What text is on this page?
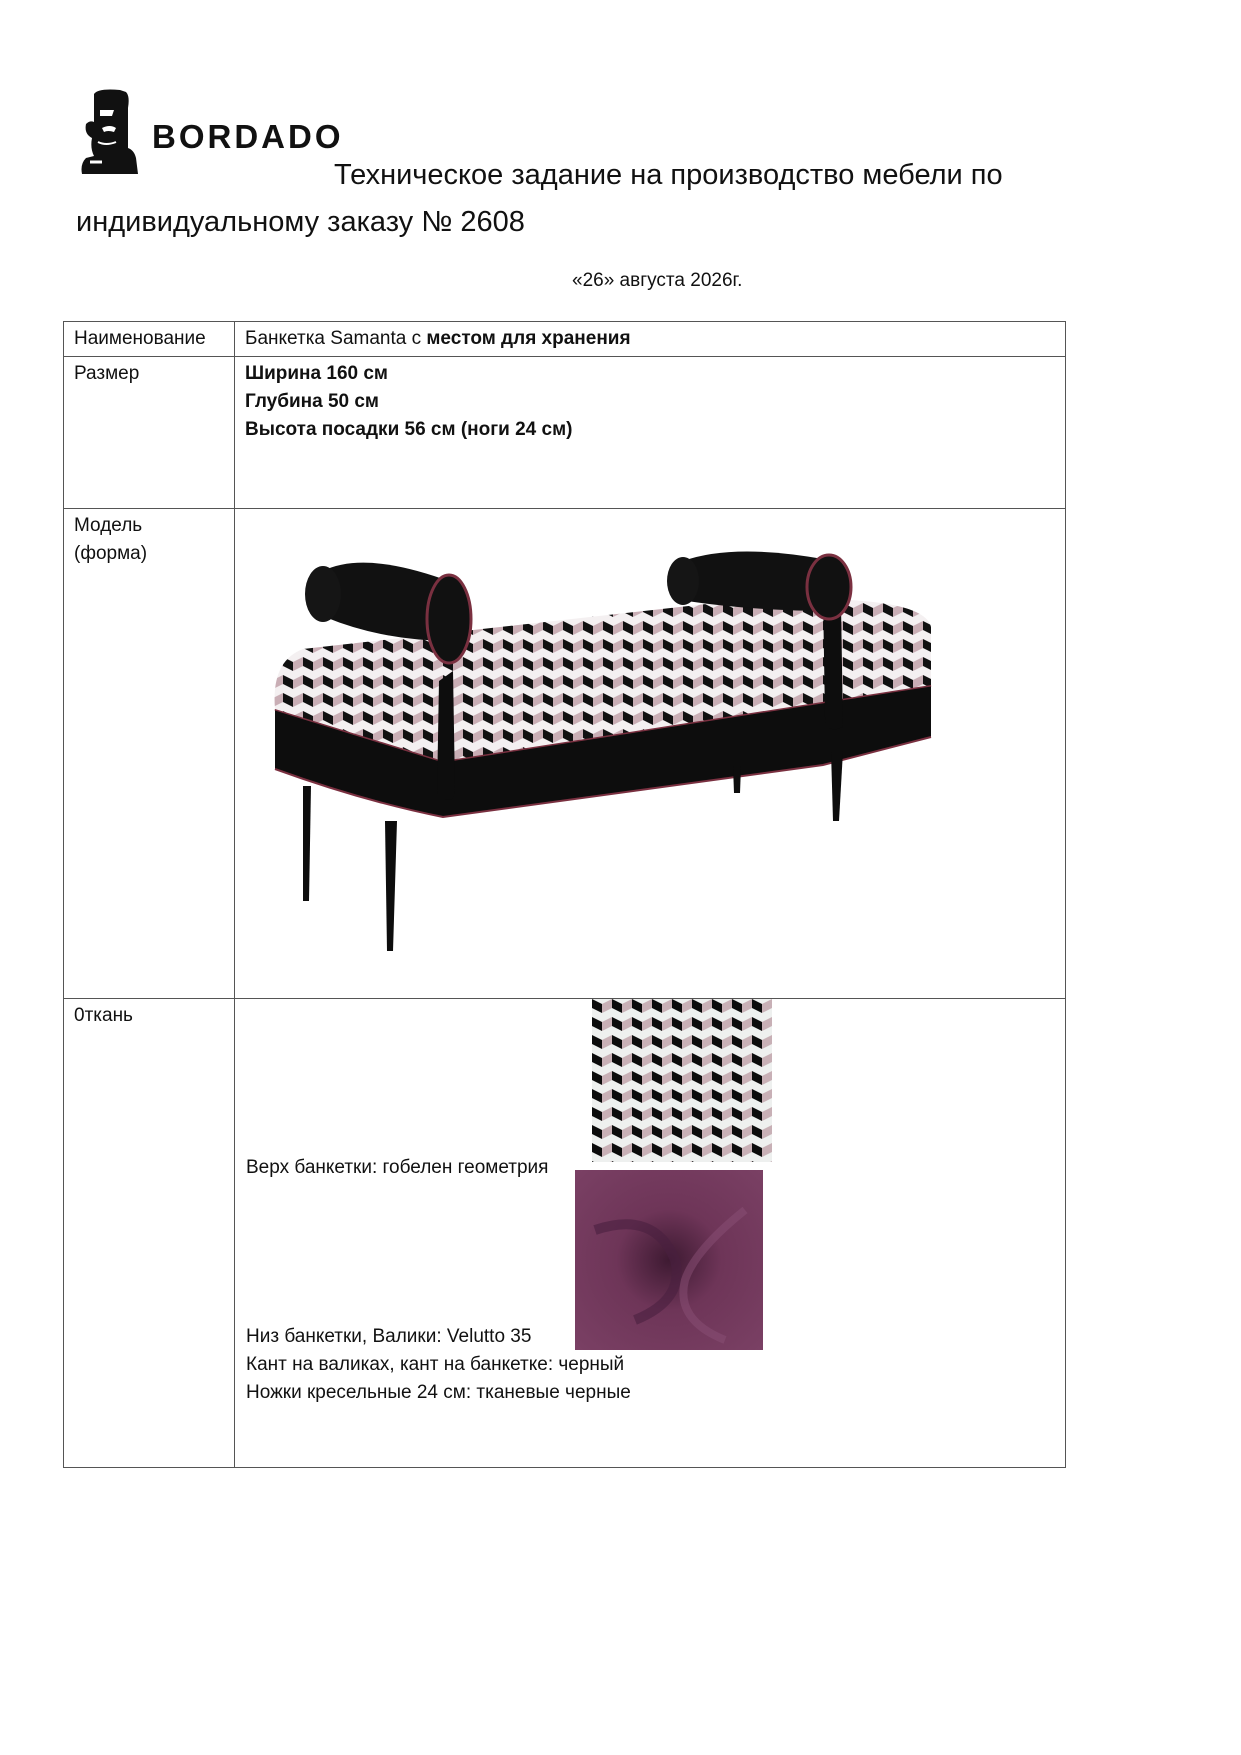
BORDADO
Техническое задание на производство мебели по
индивидуальному заказу № 2608
«26» августа 2026г.
Наименование	Банкетка Samanta с местом для хранения
Размер	Ширина 160 см
Глубина 50 см
Высота посадки 56 см (ноги 24 см)
Модель
(форма)	

0ткань	Верх банкетки: гобелен геометрия
Низ банкетки, Валики: Velutto 35
Кант на валиках, кант на банкетке: черный
Ножки кресельные 24 см: тканевые черные
